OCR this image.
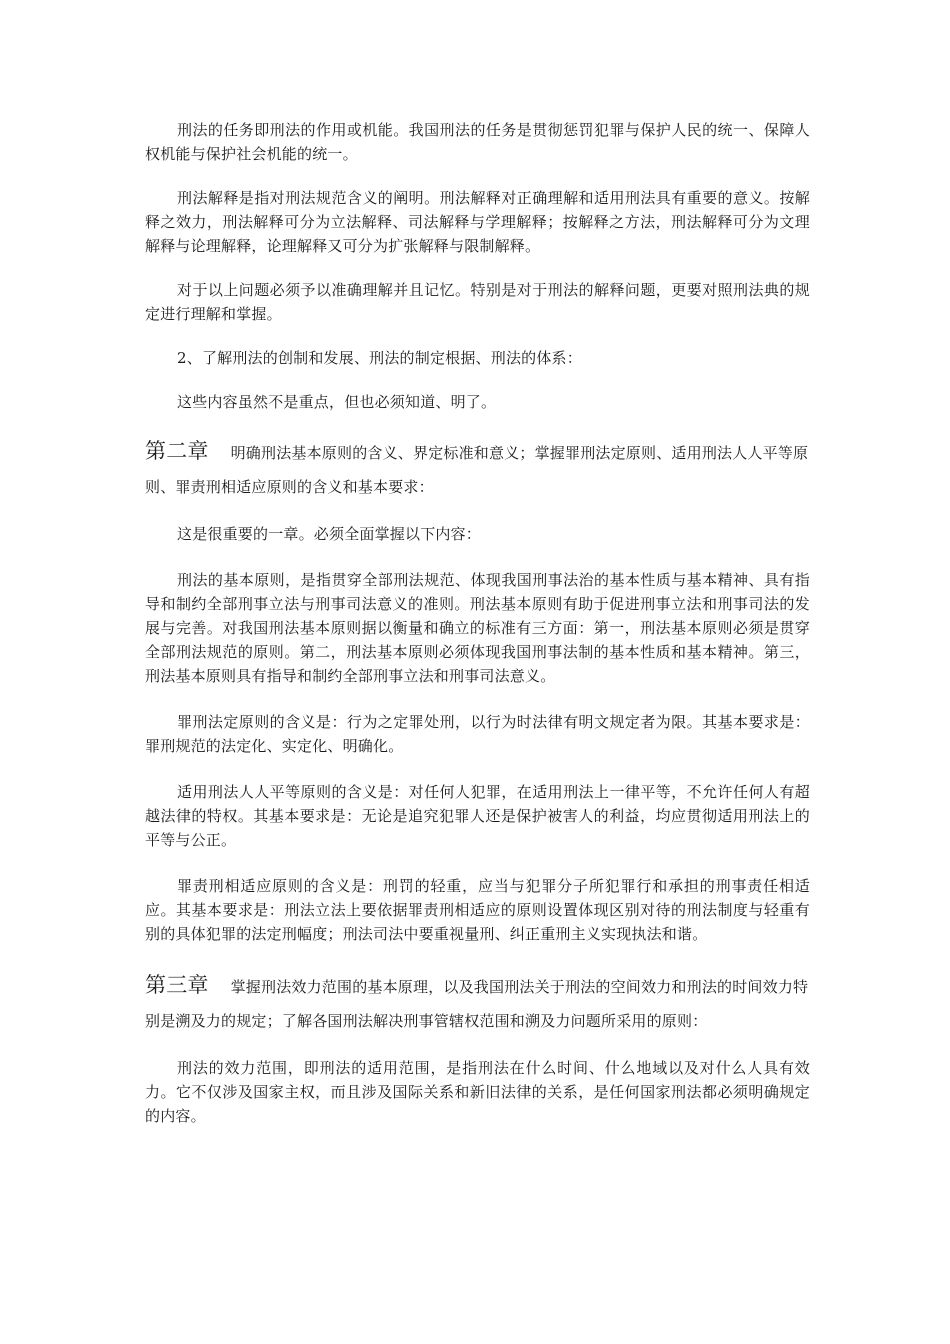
刑法的任务即刑法的作用或机能。我国刑法的任务是贯彻惩罚犯罪与保护人民的统一、保障人权机能与保护社会机能的统一。

刑法解释是指对刑法规范含义的阐明。刑法解释对正确理解和适用刑法具有重要的意义。按解释之效力，刑法解释可分为立法解释、司法解释与学理解释；按解释之方法，刑法解释可分为文理解释与论理解释，论理解释又可分为扩张解释与限制解释。

对于以上问题必须予以准确理解并且记忆。特别是对于刑法的解释问题，更要对照刑法典的规定进行理解和掌握。

2、了解刑法的创制和发展、刑法的制定根据、刑法的体系：

这些内容虽然不是重点，但也必须知道、明了。

第二章 明确刑法基本原则的含义、界定标准和意义；掌握罪刑法定原则、适用刑法人人平等原则、罪责刑相适应原则的含义和基本要求：

这是很重要的一章。必须全面掌握以下内容：

刑法的基本原则，是指贯穿全部刑法规范、体现我国刑事法治的基本性质与基本精神、具有指导和制约全部刑事立法与刑事司法意义的准则。刑法基本原则有助于促进刑事立法和刑事司法的发展与完善。对我国刑法基本原则据以衡量和确立的标准有三方面：第一，刑法基本原则必须是贯穿全部刑法规范的原则。第二，刑法基本原则必须体现我国刑事法制的基本性质和基本精神。第三，刑法基本原则具有指导和制约全部刑事立法和刑事司法意义。

罪刑法定原则的含义是：行为之定罪处刑，以行为时法律有明文规定者为限。其基本要求是：罪刑规范的法定化、实定化、明确化。

适用刑法人人平等原则的含义是：对任何人犯罪，在适用刑法上一律平等，不允许任何人有超越法律的特权。其基本要求是：无论是追究犯罪人还是保护被害人的利益，均应贯彻适用刑法上的平等与公正。

罪责刑相适应原则的含义是：刑罚的轻重，应当与犯罪分子所犯罪行和承担的刑事责任相适应。其基本要求是：刑法立法上要依据罪责刑相适应的原则设置体现区别对待的刑法制度与轻重有别的具体犯罪的法定刑幅度；刑法司法中要重视量刑、纠正重刑主义实现执法和谐。

第三章 掌握刑法效力范围的基本原理，以及我国刑法关于刑法的空间效力和刑法的时间效力特别是溯及力的规定；了解各国刑法解决刑事管辖权范围和溯及力问题所采用的原则：

刑法的效力范围，即刑法的适用范围，是指刑法在什么时间、什么地域以及对什么人具有效力。它不仅涉及国家主权，而且涉及国际关系和新旧法律的关系，是任何国家刑法都必须明确规定的内容。
